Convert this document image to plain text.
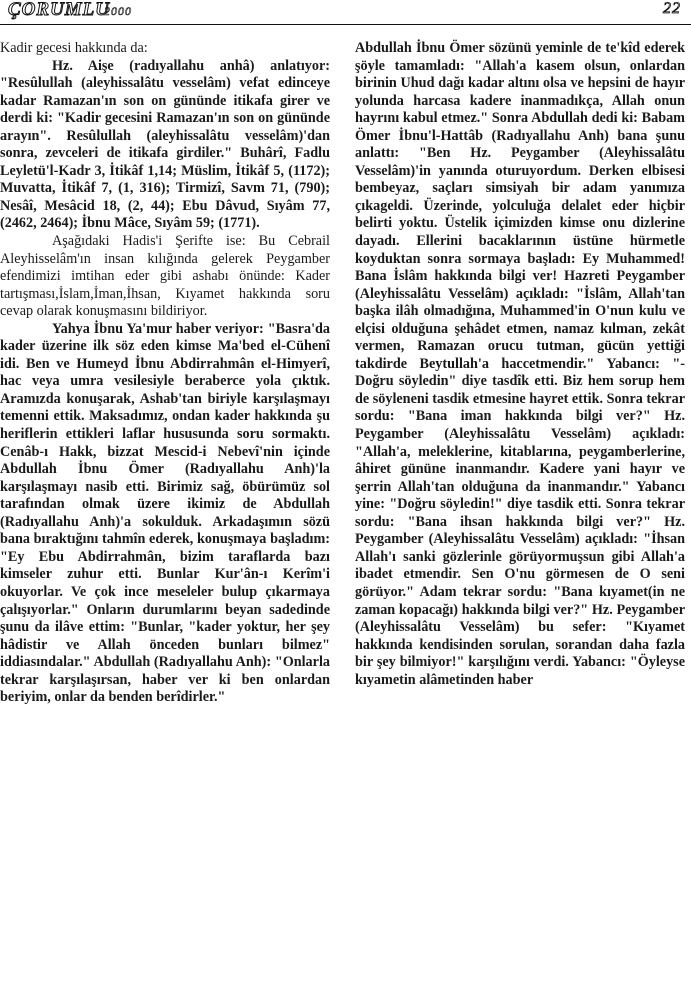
ÇORUMLU
2000	22

Kadir gecesi hakkında da:

Hz. Aişe (radıyallahu anhâ) anlatıyor: "Resûlullah (aleyhissalâtu vesselâm) vefat edinceye kadar Ramazan'ın son on gününde itikafa girer ve derdi ki: "Kadir gecesini Ramazan'ın son on gününde arayın". Resûlullah (aleyhissalâtu vesselâm)'dan sonra, zevceleri de itikafa girdiler." Buhârî, Fadlu Leyletü'l-Kadr 3, İtikâf 1,14; Müslim, İtikâf 5, (1172); Muvatta, İtikâf 7, (1, 316); Tirmizî, Savm 71, (790); Nesâî, Mesâcid 18, (2, 44); Ebu Dâvud, Sıyâm 77, (2462, 2464); İbnu Mâce, Sıyâm 59; (1771).

Aşağıdaki Hadis'i Şerifte ise: Bu Cebrail Aleyhisselâm'ın insan kılığında gelerek Peygamber efendimizi imtihan eder gibi ashabı önünde: Kader tartışması,İslam,İman,İhsan, Kıyamet hakkında soru cevap olarak konuşmasını bildiriyor.

Yahya İbnu Ya'mur haber veriyor: "Basra'da kader üzerine ilk söz eden kimse Ma'bed el-Cühenî idi. Ben ve Humeyd İbnu Abdirrahmân el-Himyerî, hac veya umra vesilesiyle beraberce yola çıktık. Aramızda konuşarak, Ashab'tan biriyle karşılaşmayı temenni ettik. Maksadımız, ondan kader hakkında şu heriflerin ettikleri laflar hususunda soru sormaktı. Cenâb-ı Hakk, bizzat Mescid-i Nebevî'nin içinde Abdullah İbnu Ömer (Radıyallahu Anh)'la karşılaşmayı nasib etti. Birimiz sağ, öbürümüz sol tarafından olmak üzere ikimiz de Abdullah (Radıyallahu Anh)'a sokulduk. Arkadaşımın sözü bana bıraktığını tahmîn ederek, konuşmaya başladım: "Ey Ebu Abdirrahmân, bizim taraflarda bazı kimseler zuhur etti. Bunlar Kur'ân-ı Kerîm'i okuyorlar. Ve çok ince meseleler bulup çıkarmaya çalışıyorlar." Onların durumlarını beyan sadedinde şunu da ilâve ettim: "Bunlar, "kader yoktur, her şey hâdistir ve Allah önceden bunları bilmez" iddiasındalar." Abdullah (Radıyallahu Anh): "Onlarla tekrar karşılaşırsan, haber ver ki ben onlardan beriyim, onlar da benden berîdirler."

Abdullah İbnu Ömer sözünü yeminle de te'kîd ederek şöyle tamamladı: "Allah'a kasem olsun, onlardan birinin Uhud dağı kadar altını olsa ve hepsini de hayır yolunda harcasa kadere inanmadıkça, Allah onun hayrını kabul etmez." Sonra Abdullah dedi ki: Babam Ömer İbnu'l-Hattâb (Radıyallahu Anh) bana şunu anlattı: "Ben Hz. Peygamber (Aleyhissalâtu Vesselâm)'in yanında oturuyordum. Derken elbisesi bembeyaz, saçları simsiyah bir adam yanımıza çıkageldi. Üzerinde, yolculuğa delalet eder hiçbir belirti yoktu. Üstelik içimizden kimse onu dizlerine dayadı. Ellerini bacaklarının üstüne hürmetle koyduktan sonra sormaya başladı: Ey Muhammed! Bana İslâm hakkında bilgi ver! Hazreti Peygamber (Aleyhissalâtu Vesselâm) açıkladı: "İslâm, Allah'tan başka ilâh olmadığına, Muhammed'in O'nun kulu ve elçisi olduğuna şehâdet etmen, namaz kılman, zekât vermen, Ramazan orucu tutman, gücün yettiği takdirde Beytullah'a haccetmendir." Yabancı: "-Doğru söyledin" diye tasdîk etti. Biz hem sorup hem de söyleneni tasdik etmesine hayret ettik. Sonra tekrar sordu: "Bana iman hakkında bilgi ver?" Hz. Peygamber (Aleyhissalâtu Vesselâm) açıkladı: "Allah'a, meleklerine, kitablarına, peygamberlerine, âhiret gününe inanmandır. Kadere yani hayır ve şerrin Allah'tan olduğuna da inanmandır." Yabancı yine: "Doğru söyledin!" diye tasdik etti. Sonra tekrar sordu: "Bana ihsan hakkında bilgi ver?" Hz. Peygamber (Aleyhissalâtu Vesselâm) açıkladı: "İhsan Allah'ı sanki gözlerinle görüyormuşsun gibi Allah'a ibadet etmendir. Sen O'nu görmesen de O seni görüyor." Adam tekrar sordu: "Bana kıyamet(in ne zaman kopacağı) hakkında bilgi ver?" Hz. Peygamber (Aleyhissalâtu Vesselâm) bu sefer: "Kıyamet hakkında kendisinden sorulan, sorandan daha fazla bir şey bilmiyor!" karşılığını verdi. Yabancı: "Öyleyse kıyametin alâmetinden haber
